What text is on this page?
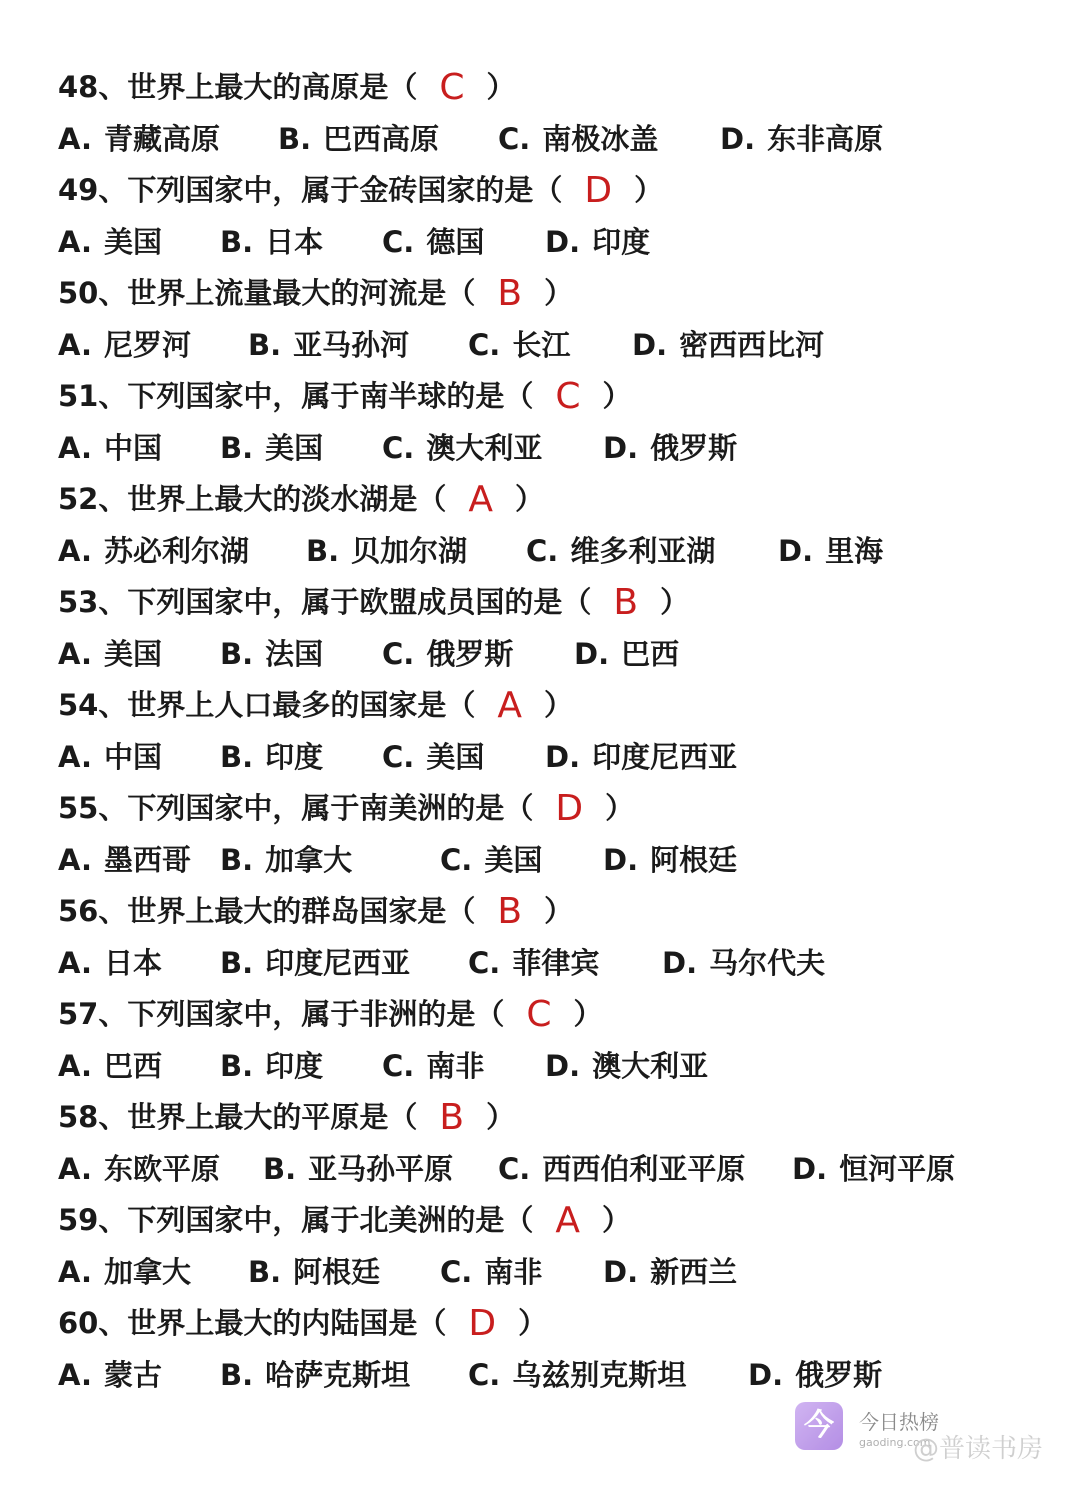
48、世界上最大的高原是（ C ）
A. 青藏高原 B. 巴西高原 C. 南极冰盖 D. 东非高原
49、下列国家中，属于金砖国家的是（ D ）
A. 美国 B. 日本 C. 德国 D. 印度
50、世界上流量最大的河流是（ B ）
A. 尼罗河 B. 亚马孙河 C. 长江 D. 密西西比河
51、下列国家中，属于南半球的是（ C ）
A. 中国 B. 美国 C. 澳大利亚 D. 俄罗斯
52、世界上最大的淡水湖是（ A ）
A. 苏必利尔湖 B. 贝加尔湖 C. 维多利亚湖 D. 里海
53、下列国家中，属于欧盟成员国的是（ B ）
A. 美国 B. 法国 C. 俄罗斯 D. 巴西
54、世界上人口最多的国家是（ A ）
A. 中国 B. 印度 C. 美国 D. 印度尼西亚
55、下列国家中，属于南美洲的是（ D ）
A. 墨西哥 B. 加拿大	C. 美国 D. 阿根廷
56、世界上最大的群岛国家是（ B ）
A. 日本 B. 印度尼西亚 C. 菲律宾 D. 马尔代夫
57、下列国家中，属于非洲的是（ C ）
A. 巴西 B. 印度 C. 南非 D. 澳大利亚
58、世界上最大的平原是（ B ）
A. 东欧平原 B. 亚马孙平原 C. 西西伯利亚平原 D. 恒河平原
59、下列国家中，属于北美洲的是（ A ）
A. 加拿大 B. 阿根廷 C. 南非 D. 新西兰
60、世界上最大的内陆国是（ D ）
A. 蒙古 B. 哈萨克斯坦 C. 乌兹别克斯坦 D. 俄罗斯
今	今日热榜
gaoding.com
@普读书房
